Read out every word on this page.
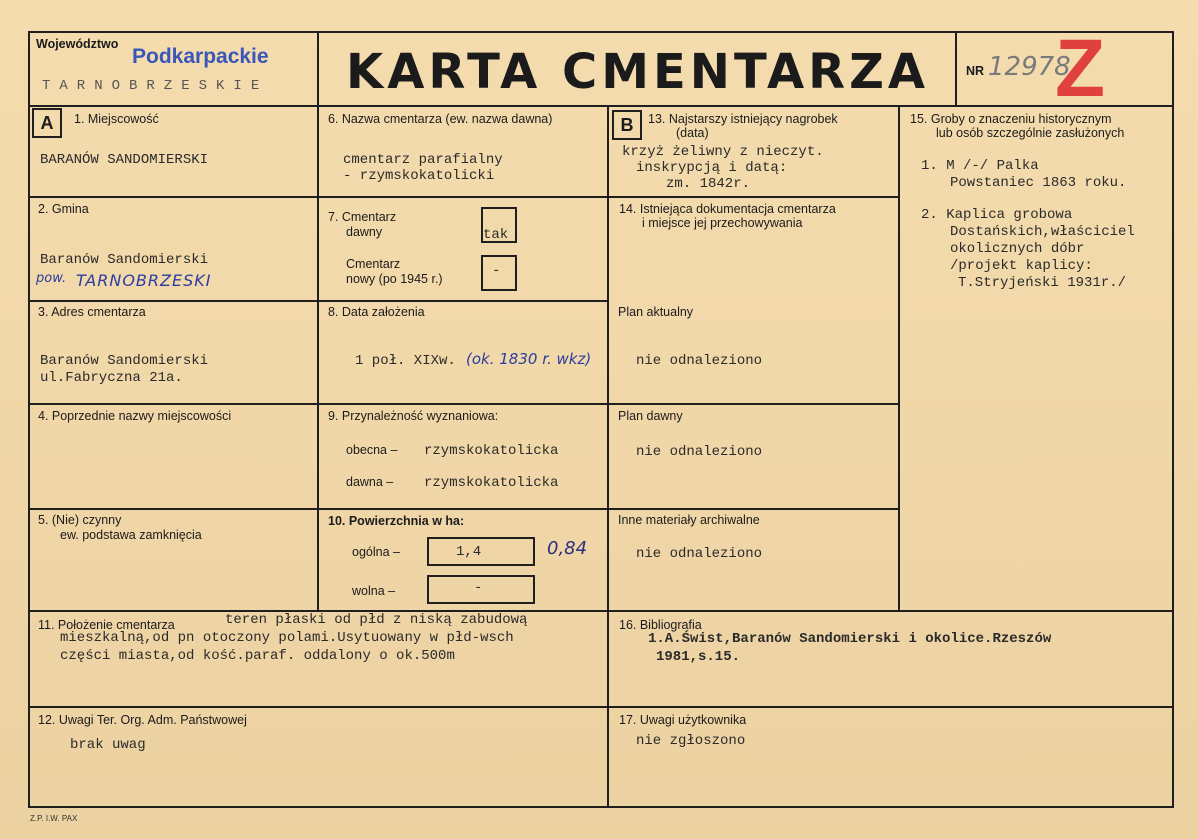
Województwo
Podkarpackie
TARNOBRZESKIE KARTA CMENTARZA	NR 12978
Z
A	1. Miejscowość
BARANÓW SANDOMIERSKI
2. Gmina
Baranów Sandomierski
pow. TARNOBRZESKI
3. Adres cmentarza
Baranów Sandomierski
ul.Fabryczna 21a.
4. Poprzednie nazwy miejscowości
5. (Nie) czynny
ew. podstawa zamknięcia
6. Nazwa cmentarza (ew. nazwa dawna)
cmentarz parafialny
- rzymskokatolicki
7. Cmentarz
dawny	tak
Cmentarz
nowy (po 1945 r.)	-
8. Data założenia
1 poł. XIXw. (ok. 1830 r. wkz)
9. Przynależność wyznaniowa:
obecna – rzymskokatolicka
dawna – rzymskokatolicka
10. Powierzchnia w ha:
ogólna –	1,4	0,84
wolna –	-
B	13. Najstarszy istniejący nagrobek
(data)
krzyż żeliwny z nieczyt.
inskrypcją i datą:
zm. 1842r.
14. Istniejąca dokumentacja cmentarza
i miejsce jej przechowywania
Plan aktualny
nie odnaleziono
Plan dawny
nie odnaleziono
Inne materiały archiwalne
nie odnaleziono
15. Groby o znaczeniu historycznym
lub osób szczególnie zasłużonych
1. M /-/ Palka
Powstaniec 1863 roku.
2. Kaplica grobowa
Dostańskich,właściciel
okolicznych dóbr
/projekt kaplicy:
T.Stryjeński 1931r./
11. Położenie cmentarza	teren płaski od płd z niską zabudową
mieszkalną,od pn otoczony polami.Usytuowany w płd-wsch
części miasta,od kość.paraf. oddalony o ok.500m
16. Bibliografia
1.A.Świst,Baranów Sandomierski i okolice.Rzeszów
1981,s.15.
12. Uwagi Ter. Org. Adm. Państwowej
brak uwag
17. Uwagi użytkownika
nie zgłoszono
Z.P. I.W. PAX
